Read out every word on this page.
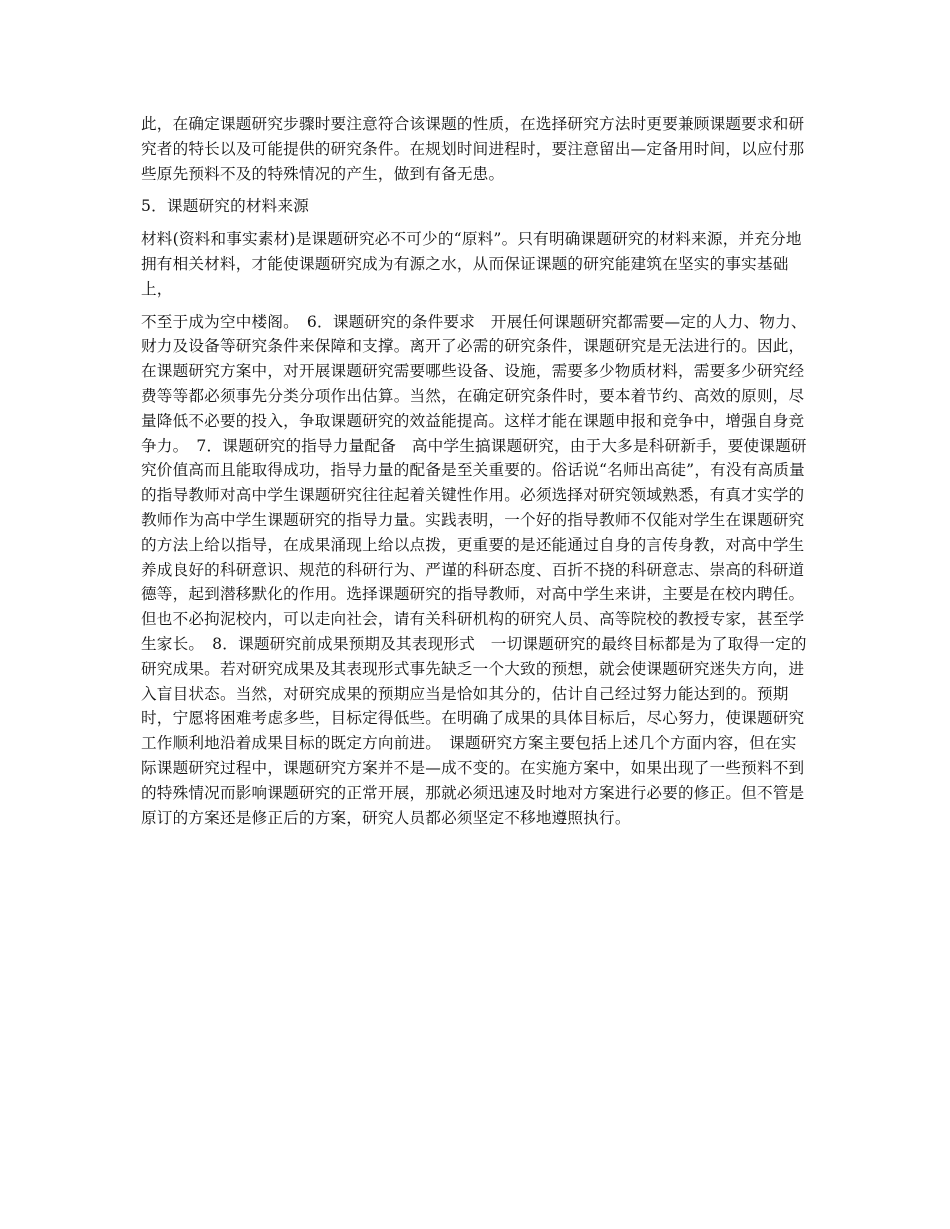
此，在确定课题研究步骤时要注意符合该课题的性质，在选择研究方法时更要兼顾课题要求和研究者的特长以及可能提供的研究条件。在规划时间进程时，要注意留出—定备用时间，以应付那些原先预料不及的特殊情况的产生，做到有备无患。

5．课题研究的材料来源

材料(资料和事实素材)是课题研究必不可少的“原料”。只有明确课题研究的材料来源，并充分地拥有相关材料，才能使课题研究成为有源之水，从而保证课题的研究能建筑在坚实的事实基础上，

不至于成为空中楼阁。　6．课题研究的条件要求　开展任何课题研究都需要—定的人力、物力、财力及设备等研究条件来保障和支撑。离开了必需的研究条件，课题研究是无法进行的。因此，在课题研究方案中，对开展课题研究需要哪些设备、设施，需要多少物质材料，需要多少研究经费等等都必须事先分类分项作出估算。当然，在确定研究条件时，要本着节约、高效的原则，尽量降低不必要的投入，争取课题研究的效益能提高。这样才能在课题申报和竞争中，增强自身竞争力。　7．课题研究的指导力量配备　高中学生搞课题研究，由于大多是科研新手，要使课题研究价值高而且能取得成功，指导力量的配备是至关重要的。俗话说“名师出高徒”，有没有高质量的指导教师对高中学生课题研究往往起着关键性作用。必须选择对研究领域熟悉，有真才实学的教师作为高中学生课题研究的指导力量。实践表明，一个好的指导教师不仅能对学生在课题研究的方法上给以指导，在成果涌现上给以点拨，更重要的是还能通过自身的言传身教，对高中学生养成良好的科研意识、规范的科研行为、严谨的科研态度、百折不挠的科研意志、崇高的科研道德等，起到潜移默化的作用。选择课题研究的指导教师，对高中学生来讲，主要是在校内聘任。 但也不必拘泥校内，可以走向社会，请有关科研机构的研究人员、高等院校的教授专家，甚至学生家长。　8．课题研究前成果预期及其表现形式　一切课题研究的最终目标都是为了取得一定的研究成果。若对研究成果及其表现形式事先缺乏一个大致的预想，就会使课题研究迷失方向，进入盲目状态。当然，对研究成果的预期应当是恰如其分的，估计自己经过努力能达到的。预期时，宁愿将困难考虑多些，目标定得低些。在明确了成果的具体目标后，尽心努力，使课题研究工作顺利地沿着成果目标的既定方向前进。　课题研究方案主要包括上述几个方面内容，但在实际课题研究过程中，课题研究方案并不是—成不变的。在实施方案中，如果出现了一些预料不到的特殊情况而影响课题研究的正常开展，那就必须迅速及时地对方案进行必要的修正。但不管是原订的方案还是修正后的方案，研究人员都必须坚定不移地遵照执行。
